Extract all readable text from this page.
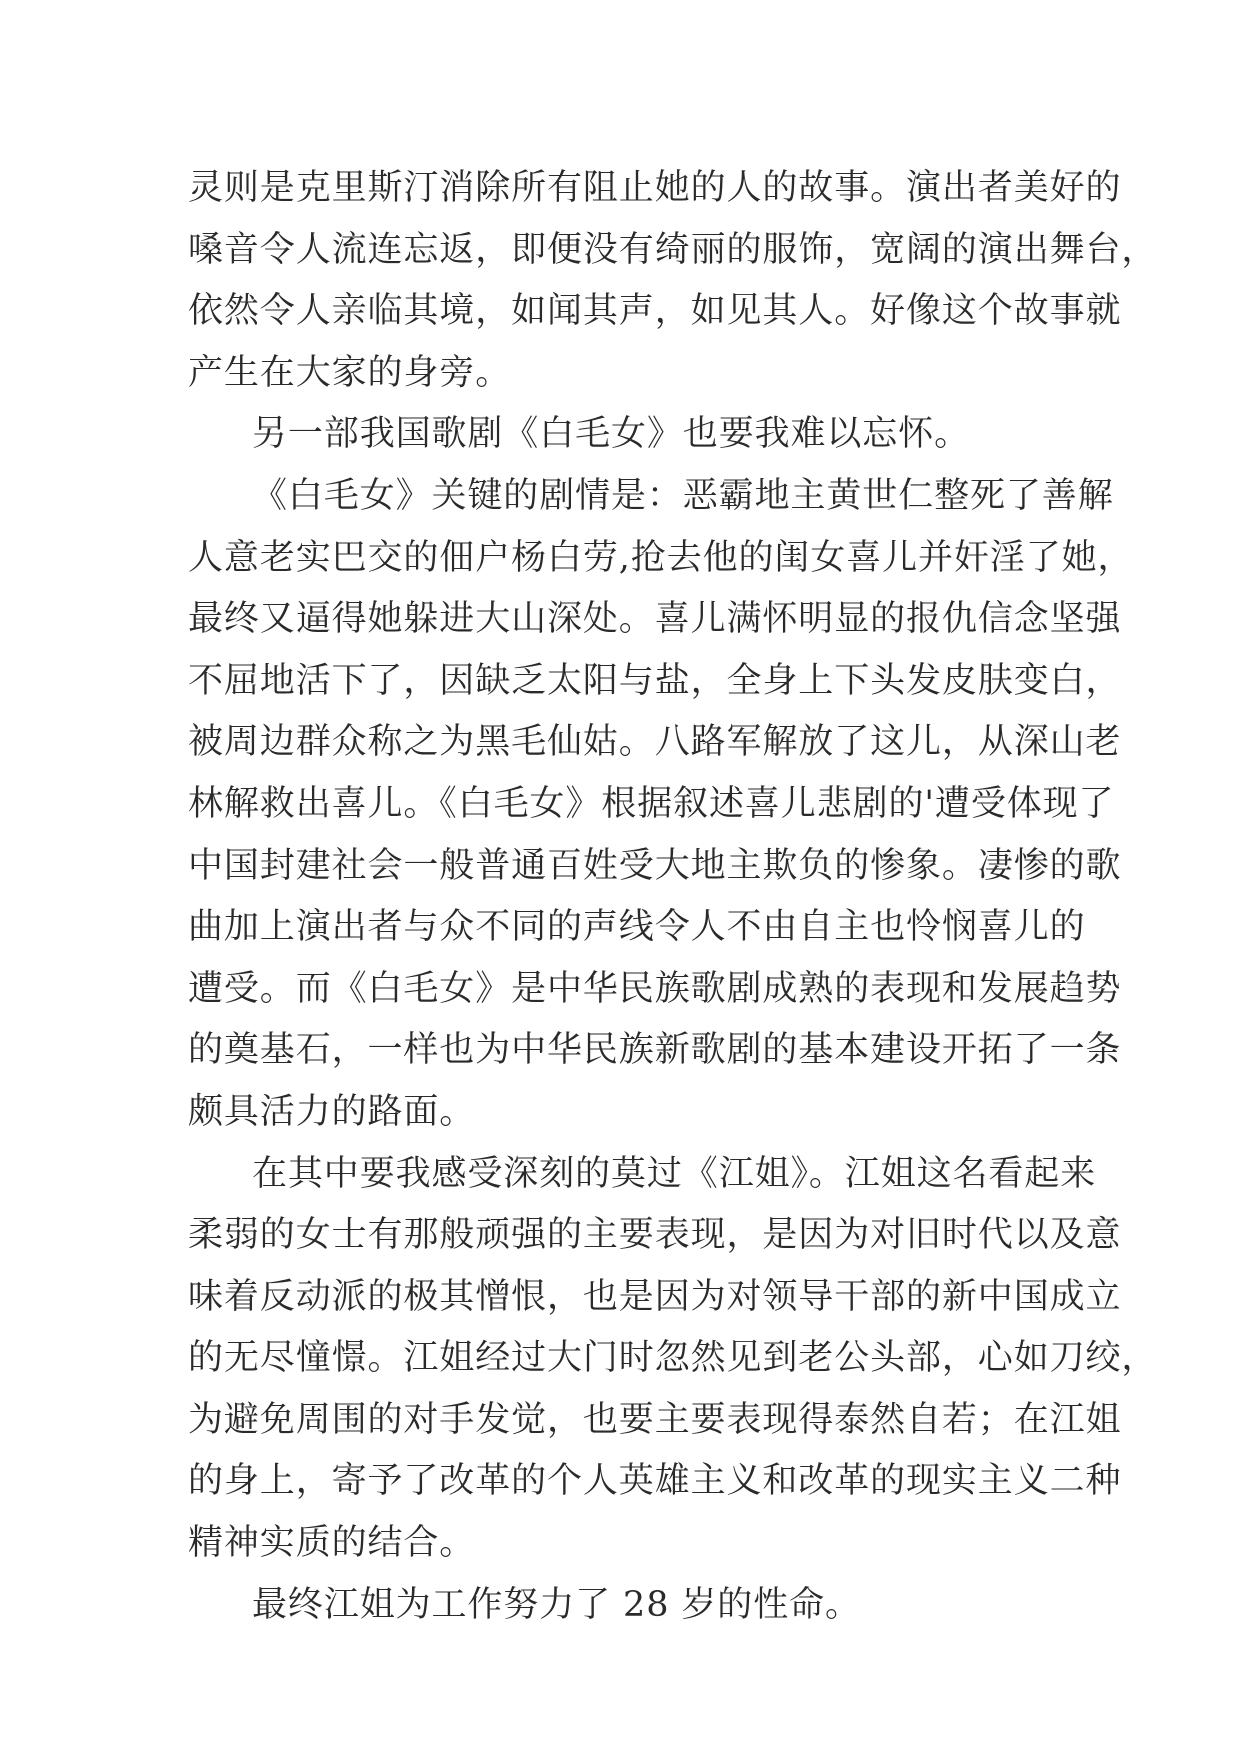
灵则是克里斯汀消除所有阻止她的人的故事。演出者美好的
嗓音令人流连忘返，即便没有绮丽的服饰，宽阔的演出舞台，
依然令人亲临其境，如闻其声，如见其人。好像这个故事就
产生在大家的身旁。
另一部我国歌剧《白毛女》也要我难以忘怀。
《白毛女》关键的剧情是：恶霸地主黄世仁整死了善解
人意老实巴交的佃户杨白劳,抢去他的闺女喜儿并奸淫了她，
最终又逼得她躲进大山深处。喜儿满怀明显的报仇信念坚强
不屈地活下了，因缺乏太阳与盐，全身上下头发皮肤变白，
被周边群众称之为黑毛仙姑。八路军解放了这儿，从深山老
林解救出喜儿。《白毛女》根据叙述喜儿悲剧的'遭受体现了
中国封建社会一般普通百姓受大地主欺负的惨象。凄惨的歌
曲加上演出者与众不同的声线令人不由自主也怜悯喜儿的
遭受。而《白毛女》是中华民族歌剧成熟的表现和发展趋势
的奠基石，一样也为中华民族新歌剧的基本建设开拓了一条
颇具活力的路面。
在其中要我感受深刻的莫过《江姐》。江姐这名看起来
柔弱的女士有那般顽强的主要表现，是因为对旧时代以及意
味着反动派的极其憎恨，也是因为对领导干部的新中国成立
的无尽憧憬。江姐经过大门时忽然见到老公头部，心如刀绞，
为避免周围的对手发觉，也要主要表现得泰然自若；在江姐
的身上，寄予了改革的个人英雄主义和改革的现实主义二种
精神实质的结合。
最终江姐为工作努力了 28 岁的性命。
